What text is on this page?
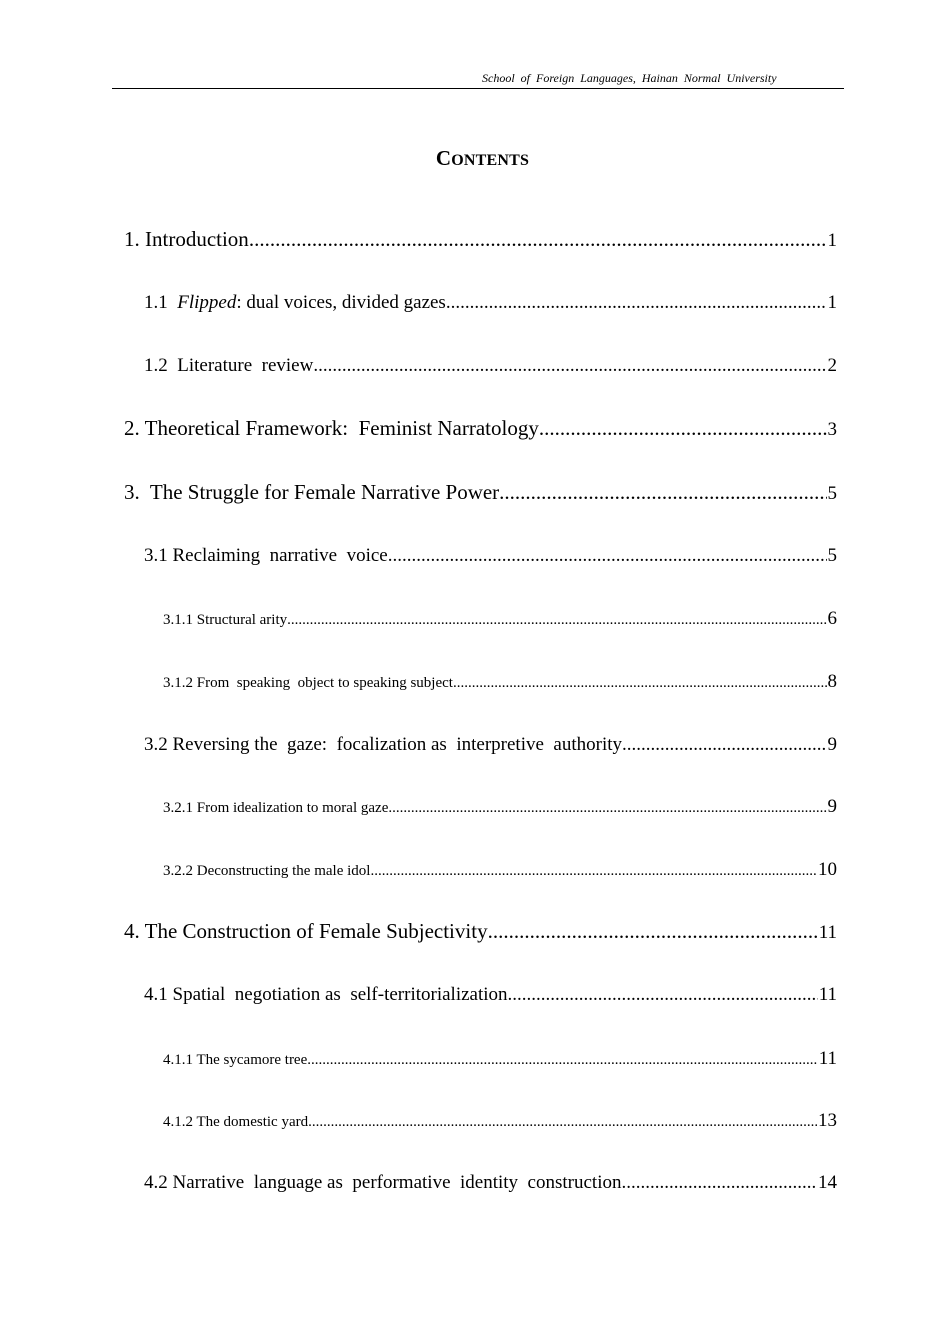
School of Foreign Languages, Hainan Normal University
CONTENTS
1. Introduction .....	1
1.1 Flipped : dual voices, divided gazes .....	1
1.2  Literature  review .....	2
2. Theoretical Framework:  Feminist Narratology .....	3
3.  The Struggle for Female Narrative Power .....	5
3.1 Reclaiming  narrative  voice .....	5
3.1.1 Structural arity .....	6
3.1.2 From  speaking  object to speaking subject .....	8
3.2 Reversing the  gaze:  focalization as  interpretive  authority .....	9
3.2.1 From idealization to moral gaze .....	9
3.2.2 Deconstructing the male idol .....	10
4. The Construction of Female Subjectivity .....	11
4.1 Spatial  negotiation as  self-territorialization .....	11
4.1.1 The sycamore tree .....	11
4.1.2 The domestic yard .....	13
4.2 Narrative  language as  performative  identity  construction .....	14
